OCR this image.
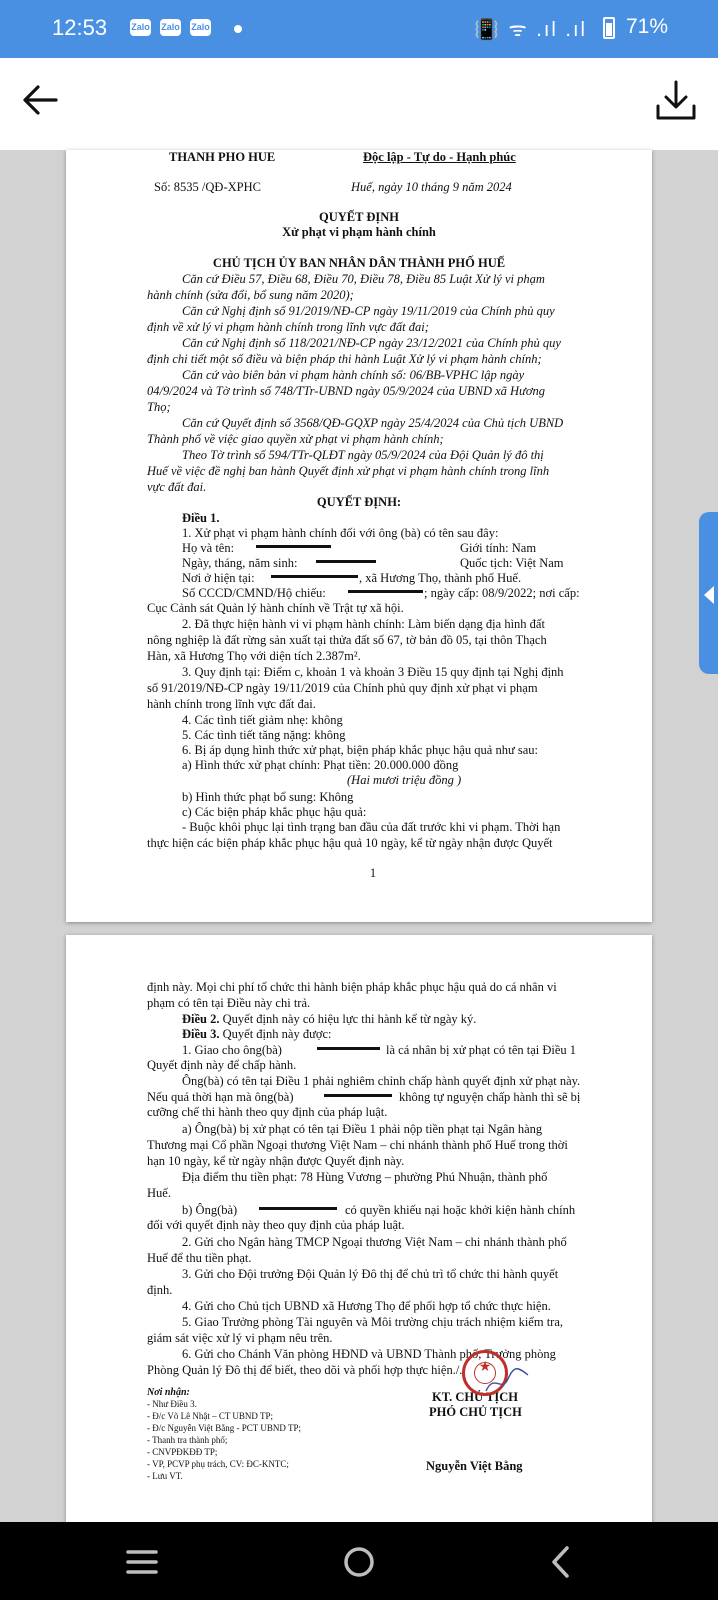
12:53	Zalo Zalo Zalo	📳 ᯤ .ıl .ıl 71%
THANH PHO HUE	Độc lập - Tự do - Hạnh phúc
Số: 8535 /QĐ-XPHC	Huế, ngày 10 tháng 9 năm 2024
QUYẾT ĐỊNH
Xử phạt vi phạm hành chính
CHỦ TỊCH ỦY BAN NHÂN DÂN THÀNH PHỐ HUẾ
Căn cứ Điều 57, Điều 68, Điều 70, Điều 78, Điều 85 Luật Xử lý vi phạm
hành chính (sửa đổi, bổ sung năm 2020);
Căn cứ Nghị định số 91/2019/NĐ-CP ngày 19/11/2019 của Chính phủ quy
định về xử lý vi phạm hành chính trong lĩnh vực đất đai;
Căn cứ Nghị định số 118/2021/NĐ-CP ngày 23/12/2021 của Chính phủ quy
định chi tiết một số điều và biện pháp thi hành Luật Xử lý vi phạm hành chính;
Căn cứ vào biên bản vi phạm hành chính số: 06/BB-VPHC lập ngày
04/9/2024 và Tờ trình số 748/TTr-UBND ngày 05/9/2024 của UBND xã Hương
Thọ;
Căn cứ Quyết định số 3568/QĐ-GQXP ngày 25/4/2024 của Chủ tịch UBND
Thành phố về việc giao quyền xử phạt vi phạm hành chính;
Theo Tờ trình số 594/TTr-QLĐT ngày 05/9/2024 của Đội Quản lý đô thị
Huế về việc đề nghị ban hành Quyết định xử phạt vi phạm hành chính trong lĩnh
vực đất đai.
QUYẾT ĐỊNH:
Điều 1.
1. Xử phạt vi phạm hành chính đối với ông (bà) có tên sau đây:
Họ và tên:	Giới tính: Nam
Ngày, tháng, năm sinh:	Quốc tịch: Việt Nam
Nơi ở hiện tại:	, xã Hương Thọ, thành phố Huế.
Số CCCD/CMND/Hộ chiếu:	; ngày cấp: 08/9/2022; nơi cấp:
Cục Cảnh sát Quản lý hành chính về Trật tự xã hội.
2. Đã thực hiện hành vi vi phạm hành chính: Làm biến dạng địa hình đất
nông nghiệp là đất rừng sản xuất tại thửa đất số 67, tờ bản đồ 05, tại thôn Thạch
Hàn, xã Hương Thọ với diện tích 2.387m².
3. Quy định tại: Điểm c, khoản 1 và khoản 3 Điều 15 quy định tại Nghị định
số 91/2019/NĐ-CP ngày 19/11/2019 của Chính phủ quy định xử phạt vi phạm
hành chính trong lĩnh vực đất đai.
4. Các tình tiết giảm nhẹ: không
5. Các tình tiết tăng nặng: không
6. Bị áp dụng hình thức xử phạt, biện pháp khắc phục hậu quả như sau:
a) Hình thức xử phạt chính: Phạt tiền: 20.000.000 đồng
(Hai mươi triệu đồng )
b) Hình thức phạt bổ sung: Không
c) Các biện pháp khắc phục hậu quả:
- Buộc khôi phục lại tình trạng ban đầu của đất trước khi vi phạm. Thời hạn
thực hiện các biện pháp khắc phục hậu quả 10 ngày, kể từ ngày nhận được Quyết
1
định này. Mọi chi phí tổ chức thi hành biện pháp khắc phục hậu quả do cá nhân vi
phạm có tên tại Điều này chi trả.
Điều 2. Quyết định này có hiệu lực thi hành kể từ ngày ký.
Điều 3. Quyết định này được:
1. Giao cho ông(bà)	là cá nhân bị xử phạt có tên tại Điều 1
Quyết định này để chấp hành.
Ông(bà) có tên tại Điều 1 phải nghiêm chỉnh chấp hành quyết định xử phạt này.
Nếu quá thời hạn mà ông(bà)	không tự nguyện chấp hành thì sẽ bị
cưỡng chế thi hành theo quy định của pháp luật.
a) Ông(bà) bị xử phạt có tên tại Điều 1 phải nộp tiền phạt tại Ngân hàng
Thương mại Cổ phần Ngoại thương Việt Nam – chi nhánh thành phố Huế trong thời
hạn 10 ngày, kể từ ngày nhận được Quyết định này.
Địa điểm thu tiền phạt: 78 Hùng Vương – phường Phú Nhuận, thành phố
Huế.
b) Ông(bà)	có quyền khiếu nại hoặc khởi kiện hành chính
đối với quyết định này theo quy định của pháp luật.
2. Gửi cho Ngân hàng TMCP Ngoại thương Việt Nam – chi nhánh thành phố
Huế để thu tiền phạt.
3. Gửi cho Đội trưởng Đội Quản lý Đô thị để chủ trì tổ chức thi hành quyết
định.
4. Gửi cho Chủ tịch UBND xã Hương Thọ để phối hợp tổ chức thực hiện.
5. Giao Trưởng phòng Tài nguyên và Môi trường chịu trách nhiệm kiểm tra,
giám sát việc xử lý vi phạm nêu trên.
6. Gửi cho Chánh Văn phòng HĐND và UBND Thành phố, Trưởng phòng
Phòng Quản lý Đô thị để biết, theo dõi và phối hợp thực hiện./.
Nơi nhận:
- Như Điều 3.
- Đ/c Võ Lê Nhật – CT UBND TP;
- Đ/c Nguyễn Việt Bằng - PCT UBND TP;
- Thanh tra thành phố;
- CNVPĐKĐĐ TP;
- VP, PCVP phụ trách, CV: ĐC-KNTC;
- Lưu VT.
KT. CHỦ TỊCH
PHÓ CHỦ TỊCH
★
Nguyễn Việt Bằng
